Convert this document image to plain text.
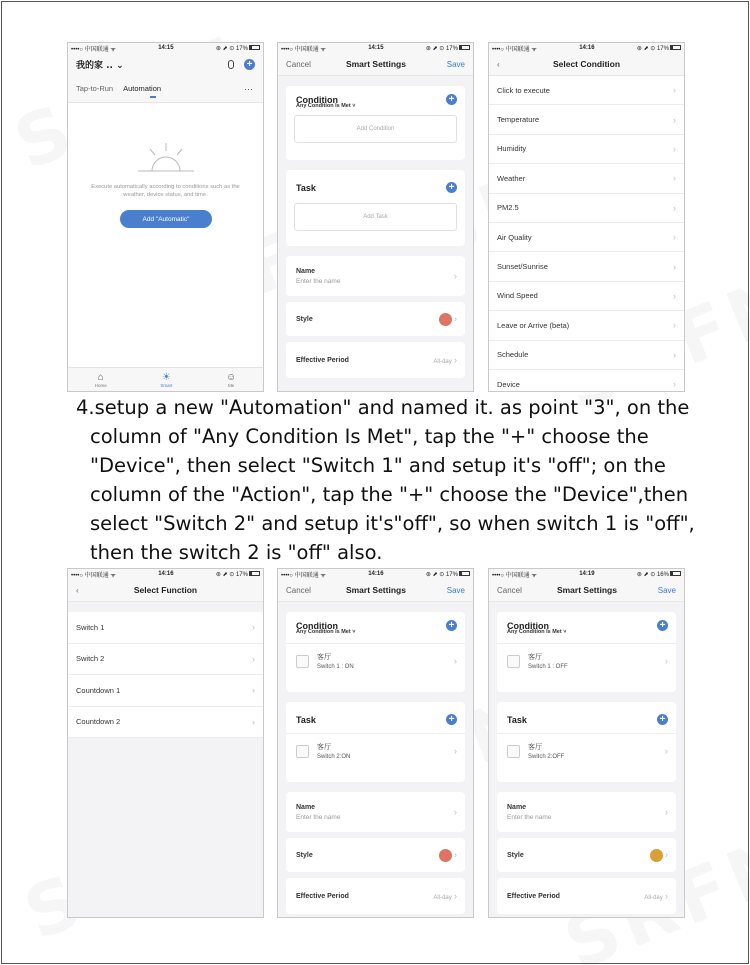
••••○ 中国联通 ᯤ	14:15	⊛ ⬈ ⊙ 17%
我的家 .. ⌄	+
Tap-to-Run Automation	···
Execute automatically according to conditions such as the weather, device status, and time.
Add "Automatic"
⌂
Home
☀
Smart
☺
Me
••••○ 中国联通 ᯤ	14:15	⊛ ⬈ ⊙ 17%
Cancel	Smart Settings	Save
Condition	+
Any Condition Is Met ˅
Add Condition
Task	+
Add Task
Name
Enter the name	›
Style	›
Effective Period	All-day ›
••••○ 中国联通 ᯤ	14:16	⊛ ⬈ ⊙ 17%
‹	Select Condition
Click to execute	›
Temperature	›
Humidity	›
Weather	›
PM2.5	›
Air Quality	›
Sunset/Sunrise	›
Wind Speed	›
Leave or Arrive (beta)	›
Schedule	›
Device	›
4.setup a new "Automation" and named it. as point "3", on the
column of "Any Condition Is Met", tap the "+" choose the
"Device", then select "Switch 1" and setup it's "off"; on the
column of the "Action", tap the "+" choose the "Device",then
select "Switch 2" and setup it's"off", so when switch 1 is "off",
then the switch 2 is "off" also.
••••○ 中国联通 ᯤ	14:16	⊛ ⬈ ⊙ 17%
‹	Select Function
Switch 1	›
Switch 2	›
Countdown 1	›
Countdown 2	›
••••○ 中国联通 ᯤ	14:16	⊛ ⬈ ⊙ 17%
Cancel	Smart Settings	Save
Condition	+
Any Condition Is Met ˅
客厅
Switch 1 : ON
›
Task	+
客厅
Switch 2:ON
›
Name
Enter the name	›
Style	›
Effective Period	All-day ›
••••○ 中国联通 ᯤ	14:19	⊛ ⬈ ⊙ 16%
Cancel	Smart Settings	Save
Condition	+
Any Condition Is Met ˅
客厅
Switch 1 : OFF
›
Task	+
客厅
Switch 2:OFF
›
Name
Enter the name	›
Style	›
Effective Period	All-day ›
